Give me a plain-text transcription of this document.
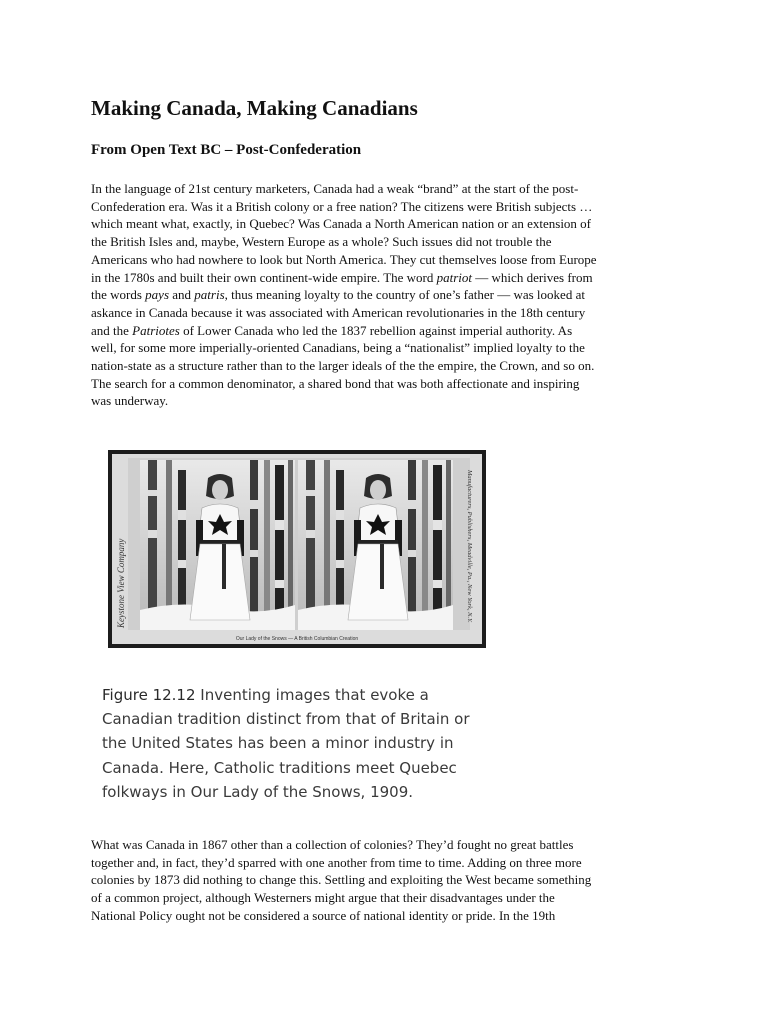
Making Canada, Making Canadians
From Open Text BC – Post-Confederation
In the language of 21st century marketers, Canada had a weak “brand” at the start of the post-
Confederation era. Was it a British colony or a free nation? The citizens were British subjects …
which meant what, exactly, in Quebec? Was Canada a North American nation or an extension of
the British Isles and, maybe, Western Europe as a whole? Such issues did not trouble the
Americans who had nowhere to look but North America. They cut themselves loose from Europe
in the 1780s and built their own continent-wide empire. The word patriot — which derives from
the words pays and patris, thus meaning loyalty to the country of one’s father — was looked at
askance in Canada because it was associated with American revolutionaries in the 18th century
and the Patriotes of Lower Canada who led the 1837 rebellion against imperial authority. As
well, for some more imperially-oriented Canadians, being a “nationalist” implied loyalty to the
nation-state as a structure rather than to the larger ideals of the the empire, the Crown, and so on.
The search for a common denominator, a shared bond that was both affectionate and inspiring
was underway.
Keystone View Company	Manufacturers, Publishers, Meadville, Pa., New York, N.Y.
Our Lady of the Snows — A British Columbian Creation
Figure 12.12 Inventing images that evoke a
Canadian tradition distinct from that of Britain or
the United States has been a minor industry in
Canada. Here, Catholic traditions meet Quebec
folkways in Our Lady of the Snows, 1909.
What was Canada in 1867 other than a collection of colonies? They’d fought no great battles
together and, in fact, they’d sparred with one another from time to time. Adding on three more
colonies by 1873 did nothing to change this. Settling and exploiting the West became something
of a common project, although Westerners might argue that their disadvantages under the
National Policy ought not be considered a source of national identity or pride. In the 19th
